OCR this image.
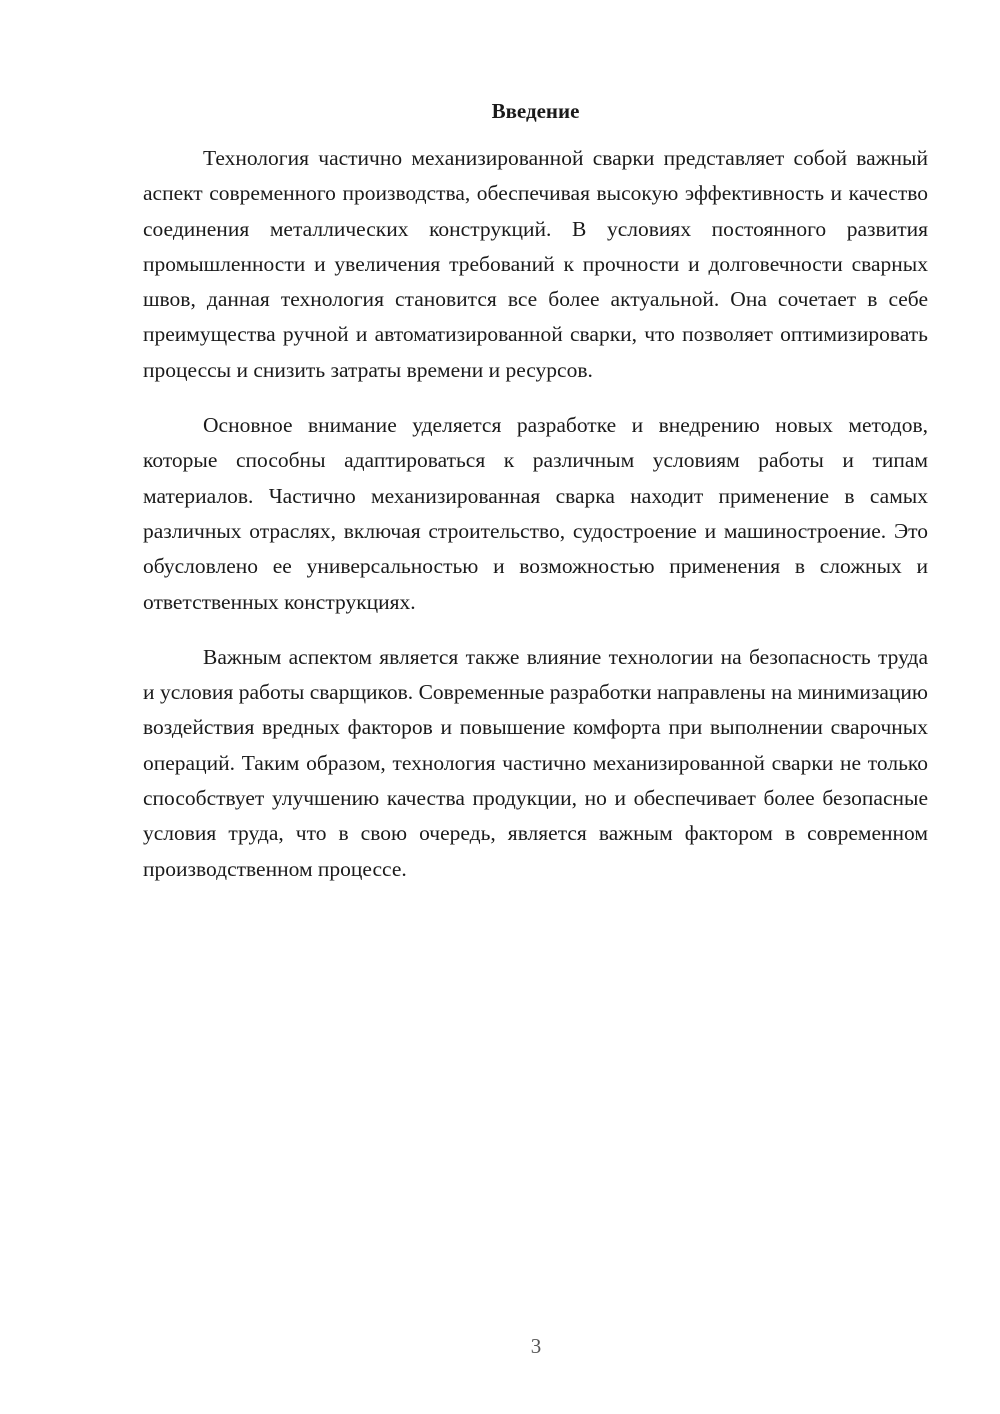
Введение

Технология частично механизированной сварки представляет собой важный аспект современного производства, обеспечивая высокую эффективность и качество соединения металлических конструкций. В условиях постоянного развития промышленности и увеличения требований к прочности и долговечности сварных швов, данная технология становится все более актуальной. Она сочетает в себе преимущества ручной и автоматизированной сварки, что позволяет оптимизировать процессы и снизить затраты времени и ресурсов.

Основное внимание уделяется разработке и внедрению новых методов, которые способны адаптироваться к различным условиям работы и типам материалов. Частично механизированная сварка находит применение в самых различных отраслях, включая строительство, судостроение и машиностроение. Это обусловлено ее универсальностью и возможностью применения в сложных и ответственных конструкциях.

Важным аспектом является также влияние технологии на безопасность труда и условия работы сварщиков. Современные разработки направлены на минимизацию воздействия вредных факторов и повышение комфорта при выполнении сварочных операций. Таким образом, технология частично механизированной сварки не только способствует улучшению качества продукции, но и обеспечивает более безопасные условия труда, что в свою очередь, является важным фактором в современном производственном процессе.

3
